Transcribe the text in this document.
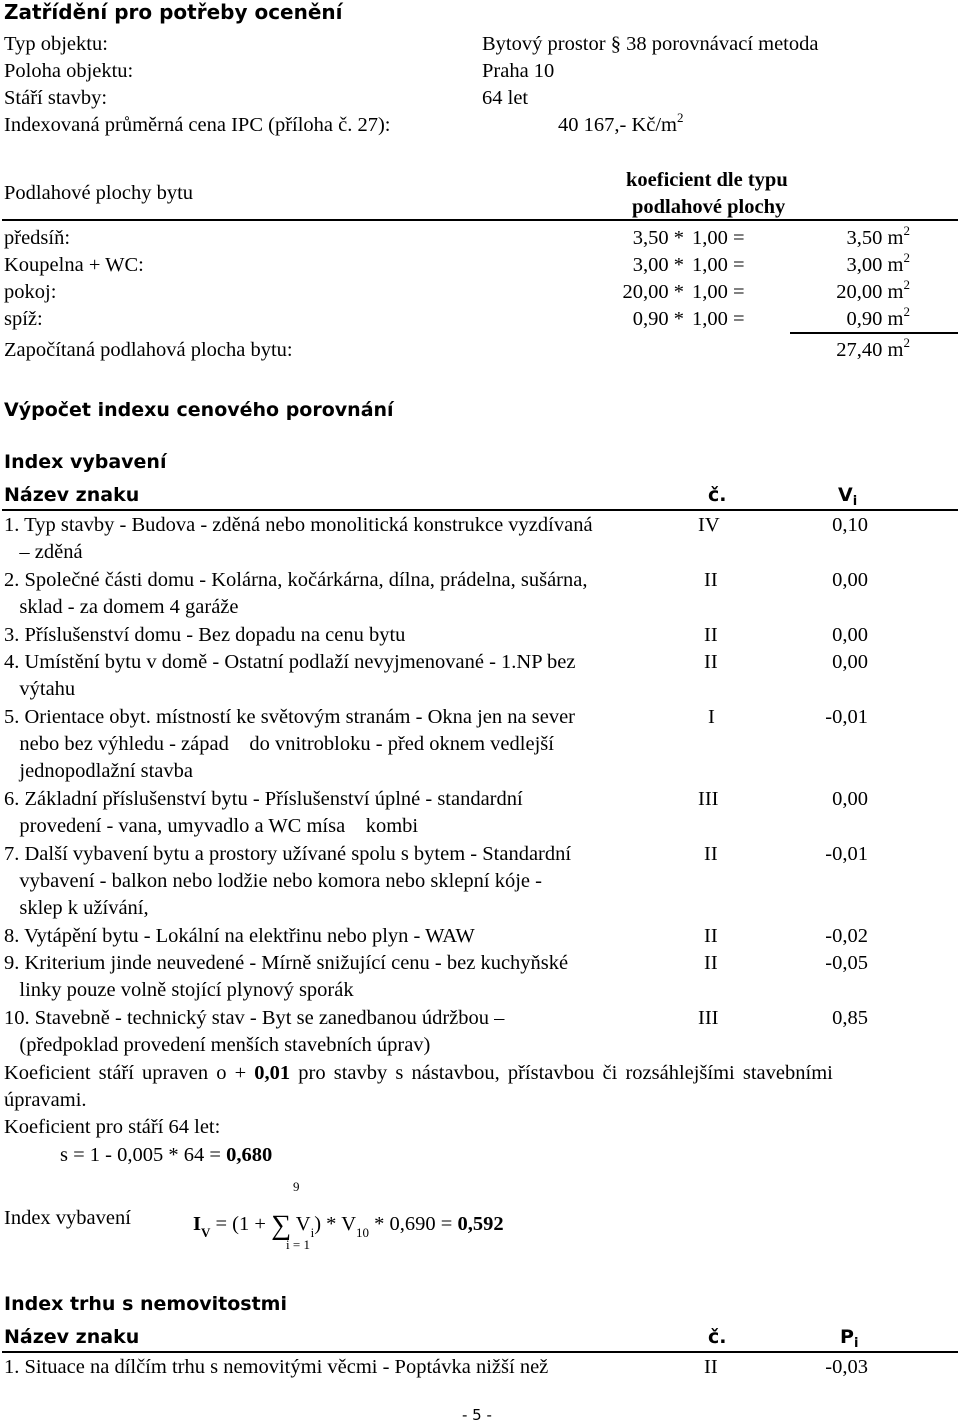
Zatřídění pro potřeby ocenění
Typ objektu:	Bytový prostor § 38 porovnávací metoda
Poloha objektu:	Praha 10
Stáří stavby:	64 let
Indexovaná průměrná cena IPC (příloha č. 27):	40 167,- $Kč/m^2$
Podlahové plochy bytu
koeficient dle typu
podlahové plochy
předsíň:	3,50 * 1,00 =	3,50 $m^2$
Koupelna + WC:	3,00 * 1,00 =	3,00 $m^2$
pokoj:	20,00 * 1,00 =	20,00 $m^2$
spíž:	0,90 * 1,00 =	0,90 $m^2$
Započítaná podlahová plocha bytu:	27,40 $m^2$
Výpočet indexu cenového porovnání
Index vybavení
Název znaku	č.	$V_i$
1. Typ stavby - Budova - zděná nebo monolitická konstrukce vyzdívaná
– zděná
IV	0,10
2. Společné části domu - Kolárna, kočárkárna, dílna, prádelna, sušárna,
sklad - za domem 4 garáže
II	0,00
3. Příslušenství domu - Bez dopadu na cenu bytu	II	0,00
4. Umístění bytu v domě - Ostatní podlaží nevyjmenované - 1.NP bez
výtahu
II	0,00
5. Orientace obyt. místností ke světovým stranám - Okna jen na sever
nebo bez výhledu - západ    do vnitrobloku - před oknem vedlejší
jednopodlažní stavba
I	-0,01
6. Základní příslušenství bytu - Příslušenství úplné - standardní
provedení - vana, umyvadlo a WC mísa    kombi
III	0,00
7. Další vybavení bytu a prostory užívané spolu s bytem - Standardní
vybavení - balkon nebo lodžie nebo komora nebo sklepní kóje -
sklep k užívání,
II	-0,01
8. Vytápění bytu - Lokální na elektřinu nebo plyn - WAW	II	-0,02
9. Kriterium jinde neuvedené - Mírně snižující cenu - bez kuchyňské
linky pouze volně stojící plynový sporák
II	-0,05
10. Stavebně - technický stav - Byt se zanedbanou údržbou –
(předpoklad provedení menších stavebních úprav)
III	0,85
Koeficient stáří upraven o + 0,01 pro stavby s nástavbou, přístavbou či rozsáhlejšími stavebními
úpravami.
Koeficient pro stáří 64 let:
s = 1 - 0,005 * 64 = 0,680
9
Index vybavení	$I_V = (1$ + ∑ $V_i) * V_{10} * 0,690 = 0,592$
i = 1
Index trhu s nemovitostmi
Název znaku	č.	$P_i$
1. Situace na dílčím trhu s nemovitými věcmi - Poptávka nižší než	II	-0,03
- 5 -
